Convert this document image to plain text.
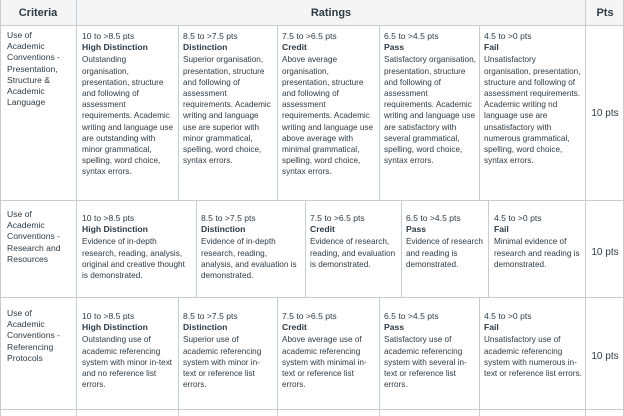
Criteria	Ratings	Pts
Use of Academic Conventions - Presentation, Structure & Academic Language
10 to >8.5 pts
High Distinction
Outstanding organisation, presentation, structure and following of assessment requirements. Academic writing and language use are outstanding with minor grammatical, spelling, word choice, syntax errors.
8.5 to >7.5 pts
Distinction
Superior organisation, presentation, structure and following of assessment requirements. Academic writing and language use are superior with minor grammatical, spelling, word choice, syntax errors.
7.5 to >6.5 pts
Credit
Above average organisation, presentation, structure and following of assessment requirements. Academic writing and language use above average with minimal grammatical, spelling, word choice, syntax errors.
6.5 to >4.5 pts
Pass
Satisfactory organisation, presentation, structure and following of assessment requirements. Academic writing and language use are satisfactory with several grammatical, spelling, word choice, syntax errors.
4.5 to >0 pts
Fail
Unsatisfactory organisation, presentation, structure and following of assessment requirements. Academic writing nd language use are unsatisfactory with numerous grammatical, spelling, word choice, syntax errors.
10 pts
Use of Academic Conventions - Research and Resources
10 to >8.5 pts
High Distinction
Evidence of in-depth research, reading, analysis, original and creative thought is demonstrated.
8.5 to >7.5 pts
Distinction
Evidence of in-depth research, reading, analysis, and evaluation is demonstrated.
7.5 to >6.5 pts
Credit
Evidence of research, reading, and evaluation is demonstrated.
6.5 to >4.5 pts
Pass
Evidence of research and reading is demonstrated.
4.5 to >0 pts
Fail
Minimal evidence of research and reading is demonstrated.
10 pts
Use of Academic Conventions - Referencing Protocols
10 to >8.5 pts
High Distinction
Outstanding use of academic referencing system with minor in-text and no reference list errors.
8.5 to >7.5 pts
Distinction
Superior use of academic referencing system with minor in-text or reference list errors.
7.5 to >6.5 pts
Credit
Above average use of academic referencing system with minimal in-text or reference list errors.
6.5 to >4.5 pts
Pass
Satisfactory use of academic referencing system with several in-text or reference list errors.
4.5 to >0 pts
Fail
Unsatisfactory use of academic referencing system with numerous in-text or reference list errors.
10 pts
